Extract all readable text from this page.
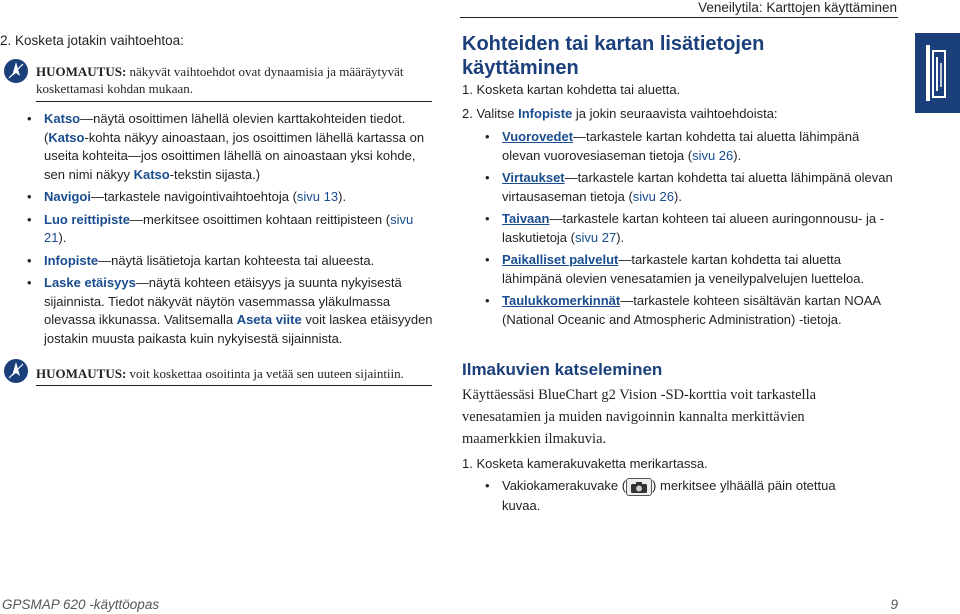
Veneilytila: Karttojen käyttäminen
2. Kosketa jotakin vaihtoehtoa:
HUOMAUTUS: näkyvät vaihtoehdot ovat dynaamisia ja määräytyvät koskettamasi kohdan mukaan.
• Katso—näytä osoittimen lähellä olevien karttakohteiden tiedot. (Katso-kohta näkyy ainoastaan, jos osoittimen lähellä kartassa on useita kohteita—jos osoittimen lähellä on ainoastaan yksi kohde, sen nimi näkyy Katso-tekstin sijasta.)
• Navigoi—tarkastele navigointivaihtoehtoja (sivu 13).
• Luo reittipiste—merkitsee osoittimen kohtaan reittipisteen (sivu 21).
• Infopiste—näytä lisätietoja kartan kohteesta tai alueesta.
• Laske etäisyys—näytä kohteen etäisyys ja suunta nykyisestä sijainnista. Tiedot näkyvät näytön vasemmassa yläkulmassa olevassa ikkunassa. Valitsemalla Aseta viite voit laskea etäisyyden jostakin muusta paikasta kuin nykyisestä sijainnista.
HUOMAUTUS: voit koskettaa osoitinta ja vetää sen uuteen sijaintiin.
Kohteiden tai kartan lisätietojen käyttäminen
1. Kosketa kartan kohdetta tai aluetta.
2. Valitse Infopiste ja jokin seuraavista vaihtoehdoista:
• Vuorovedet—tarkastele kartan kohdetta tai aluetta lähimpänä olevan vuorovesiaseman tietoja (sivu 26).
• Virtaukset—tarkastele kartan kohdetta tai aluetta lähimpänä olevan virtausaseman tietoja (sivu 26).
• Taivaan—tarkastele kartan kohteen tai alueen auringonnousu- ja -laskutietoja (sivu 27).
• Paikalliset palvelut—tarkastele kartan kohdetta tai aluetta lähimpänä olevien venesatamien ja veneilypalvelujen luetteloa.
• Taulukkomerkinnät—tarkastele kohteen sisältävän kartan NOAA (National Oceanic and Atmospheric Administration) -tietoja.
Ilmakuvien katseleminen
Käyttäessäsi BlueChart g2 Vision -SD-korttia voit tarkastella venesatamien ja muiden navigoinnin kannalta merkittävien maamerkkien ilmakuvia.
1. Kosketa kamerakuvaketta merikartassa.
• Vakiokamerakuvake ( ) merkitsee ylhäällä päin otettua kuvaa.
GPSMAP 620 -käyttöopas	9
